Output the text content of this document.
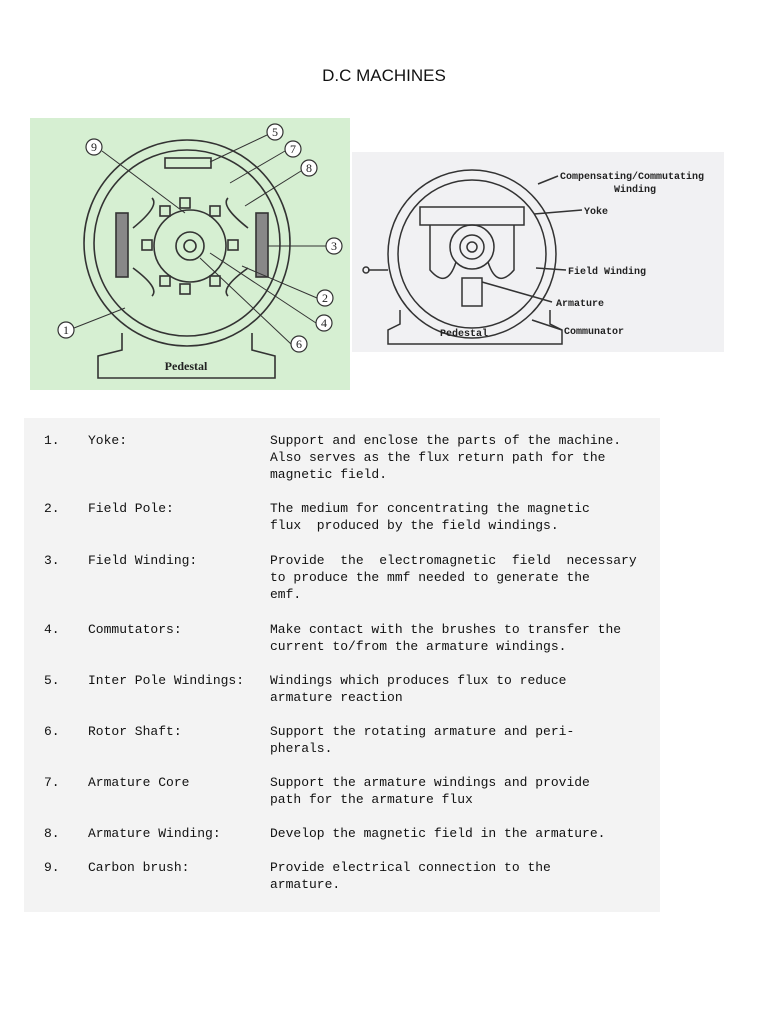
D.C MACHINES
1
2
3
4
5
6
7
8
9
Pedestal
Compensating/Commutating
Winding
Yoke
Field Winding
Armature
Pedestal	Communator
1. Yoke:	Support and enclose the parts of the machine.
Also serves as the flux return path for the
magnetic field.
2. Field Pole:	The medium for concentrating the magnetic
flux  produced by the field windings.
3. Field Winding:	Provide  the  electromagnetic  field  necessary
to produce the mmf needed to generate the
emf.
4. Commutators:	Make contact with the brushes to transfer the
current to/from the armature windings.
5. Inter Pole Windings: Windings which produces flux to reduce
armature reaction
6. Rotor Shaft:	Support the rotating armature and peri-
pherals.
7. Armature Core	Support the armature windings and provide
path for the armature flux
8. Armature Winding:	Develop the magnetic field in the armature.
9. Carbon brush:	Provide electrical connection to the
armature.
